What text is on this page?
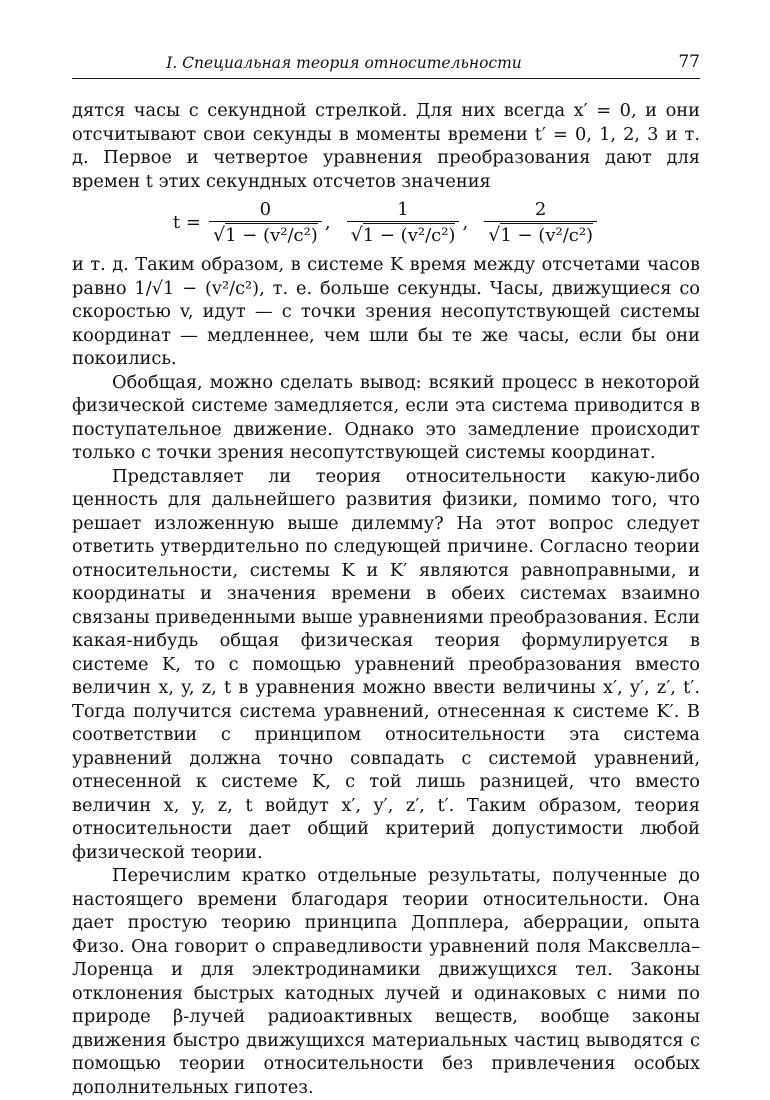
I. Специальная теория относительности	77

дятся часы с секундной стрелкой. Для них всегда x′ = 0, и они отсчитывают свои секунды в моменты времени t′ = 0, 1, 2, 3 и т. д. Первое и четвертое уравнения преобразования дают для времен t этих секундных отсчетов значения

$t = \frac{0}{\text{√1 − (v²/c²)}}$ , $\frac{1}{\text{√1 − (v²/c²)}}$ , $\frac{2}{\text{√1 − (v²/c²)}}$

и т. д. Таким образом, в системе K время между отсчетами часов равно 1/√1 − (v²/c²), т. е. больше секунды. Часы, движущиеся со скоростью v, идут — с точки зрения несопутствующей системы координат — медленнее, чем шли бы те же часы, если бы они покоились.

Обобщая, можно сделать вывод: всякий процесс в некоторой физической системе замедляется, если эта система приводится в поступательное движение. Однако это замедление происходит только с точки зрения несопутствующей системы координат.

Представляет ли теория относительности какую-либо ценность для дальнейшего развития физики, помимо того, что решает изложенную выше дилемму? На этот вопрос следует ответить утвердительно по следующей причине. Согласно теории относительности, системы K и K′ являются равноправными, и координаты и значения времени в обеих системах взаимно связаны приведенными выше уравнениями преобразования. Если какая-нибудь общая физическая теория формулируется в системе K, то с помощью уравнений преобразования вместо величин x, y, z, t в уравнения можно ввести величины x′, y′, z′, t′. Тогда получится система уравнений, отнесенная к системе K′. В соответствии с принципом относительности эта система уравнений должна точно совпадать с системой уравнений, отнесенной к системе K, с той лишь разницей, что вместо величин x, y, z, t войдут x′, y′, z′, t′. Таким образом, теория относительности дает общий критерий допустимости любой физической теории.

Перечислим кратко отдельные результаты, полученные до настоящего времени благодаря теории относительности. Она дает простую теорию принципа Допплера, аберрации, опыта Физо. Она говорит о справедливости уравнений поля Максвелла–Лоренца и для электродинамики движущихся тел. Законы отклонения быстрых катодных лучей и одинаковых с ними по природе β-лучей радиоактивных веществ, вообще законы движения быстро движущихся материальных частиц выводятся с помощью теории относительности без привлечения особых дополнительных гипотез.
